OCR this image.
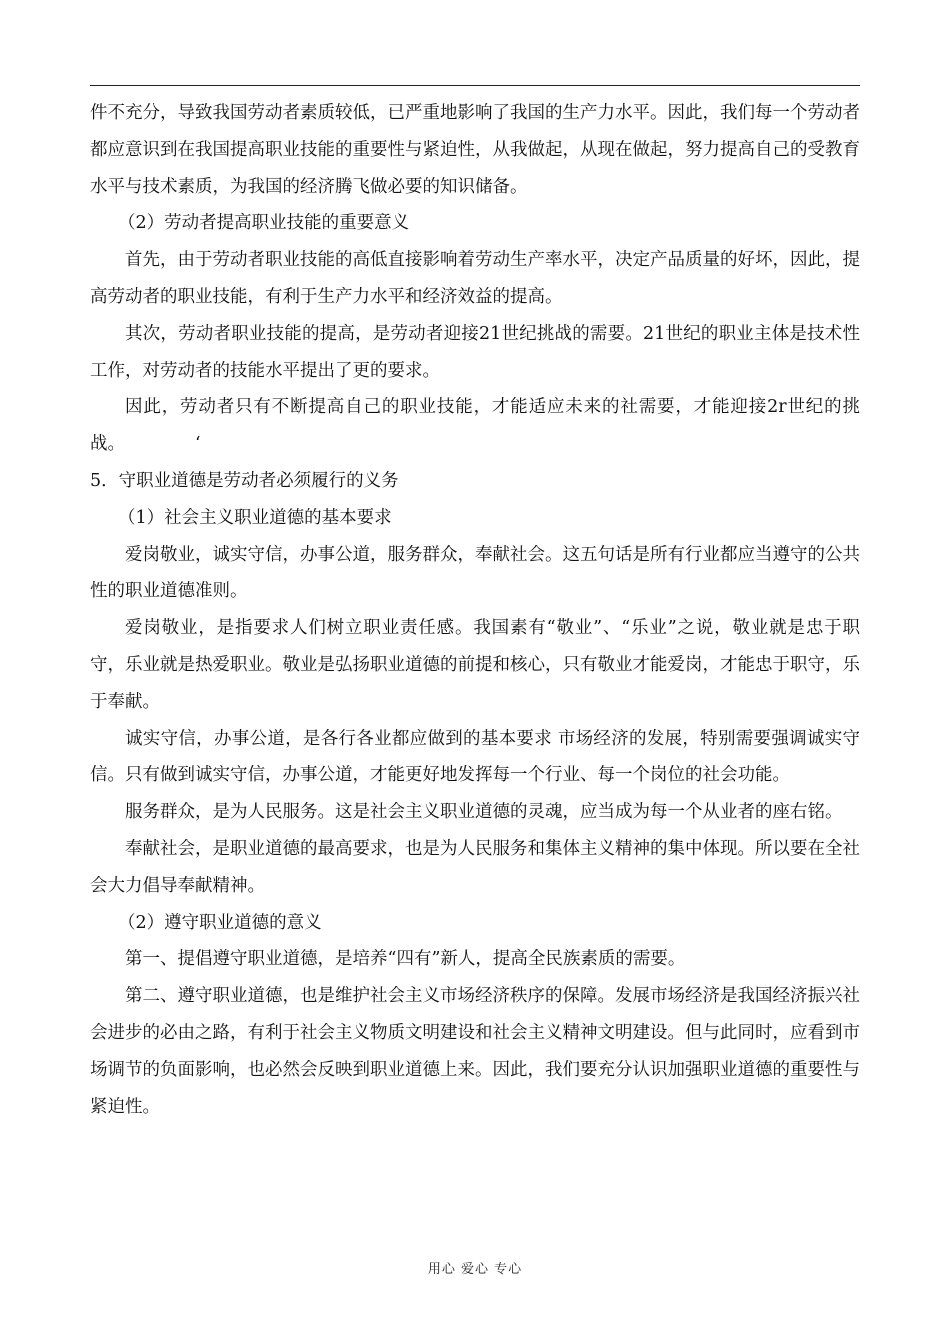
件不充分，导致我国劳动者素质较低，已严重地影响了我国的生产力水平。因此，我们每一个劳动者都应意识到在我国提高职业技能的重要性与紧迫性，从我做起，从现在做起，努力提高自己的受教育水平与技术素质，为我国的经济腾飞做必要的知识储备。

（2）劳动者提高职业技能的重要意义

首先，由于劳动者职业技能的高低直接影响着劳动生产率水平，决定产品质量的好坏，因此，提高劳动者的职业技能，有利于生产力水平和经济效益的提高。

其次，劳动者职业技能的提高，是劳动者迎接21世纪挑战的需要。21世纪的职业主体是技术性工作，对劳动者的技能水平提出了更的要求。

因此，劳动者只有不断提高自己的职业技能，才能适应未来的社需要，才能迎接2r世纪的挑战。	‘

5．守职业道德是劳动者必须履行的义务

（1）社会主义职业道德的基本要求

爱岗敬业，诚实守信，办事公道，服务群众，奉献社会。这五句话是所有行业都应当遵守的公共性的职业道德准则。

爱岗敬业，是指要求人们树立职业责任感。我国素有“敬业”、“乐业”之说，敬业就是忠于职守，乐业就是热爱职业。敬业是弘扬职业道德的前提和核心，只有敬业才能爱岗，才能忠于职守，乐于奉献。

诚实守信，办事公道，是各行各业都应做到的基本要求 市场经济的发展，特别需要强调诚实守信。只有做到诚实守信，办事公道，才能更好地发挥每一个行业、每一个岗位的社会功能。

服务群众，是为人民服务。这是社会主义职业道德的灵魂，应当成为每一个从业者的座右铭。

奉献社会，是职业道德的最高要求，也是为人民服务和集体主义精神的集中体现。所以要在全社会大力倡导奉献精神。

（2）遵守职业道德的意义

第一、提倡遵守职业道德，是培养“四有”新人，提高全民族素质的需要。

第二、遵守职业道德，也是维护社会主义市场经济秩序的保障。发展市场经济是我国经济振兴社会进步的必由之路，有利于社会主义物质文明建设和社会主义精神文明建设。但与此同时，应看到市场调节的负面影响，也必然会反映到职业道德上来。因此，我们要充分认识加强职业道德的重要性与紧迫性。

用心 爱心 专心
